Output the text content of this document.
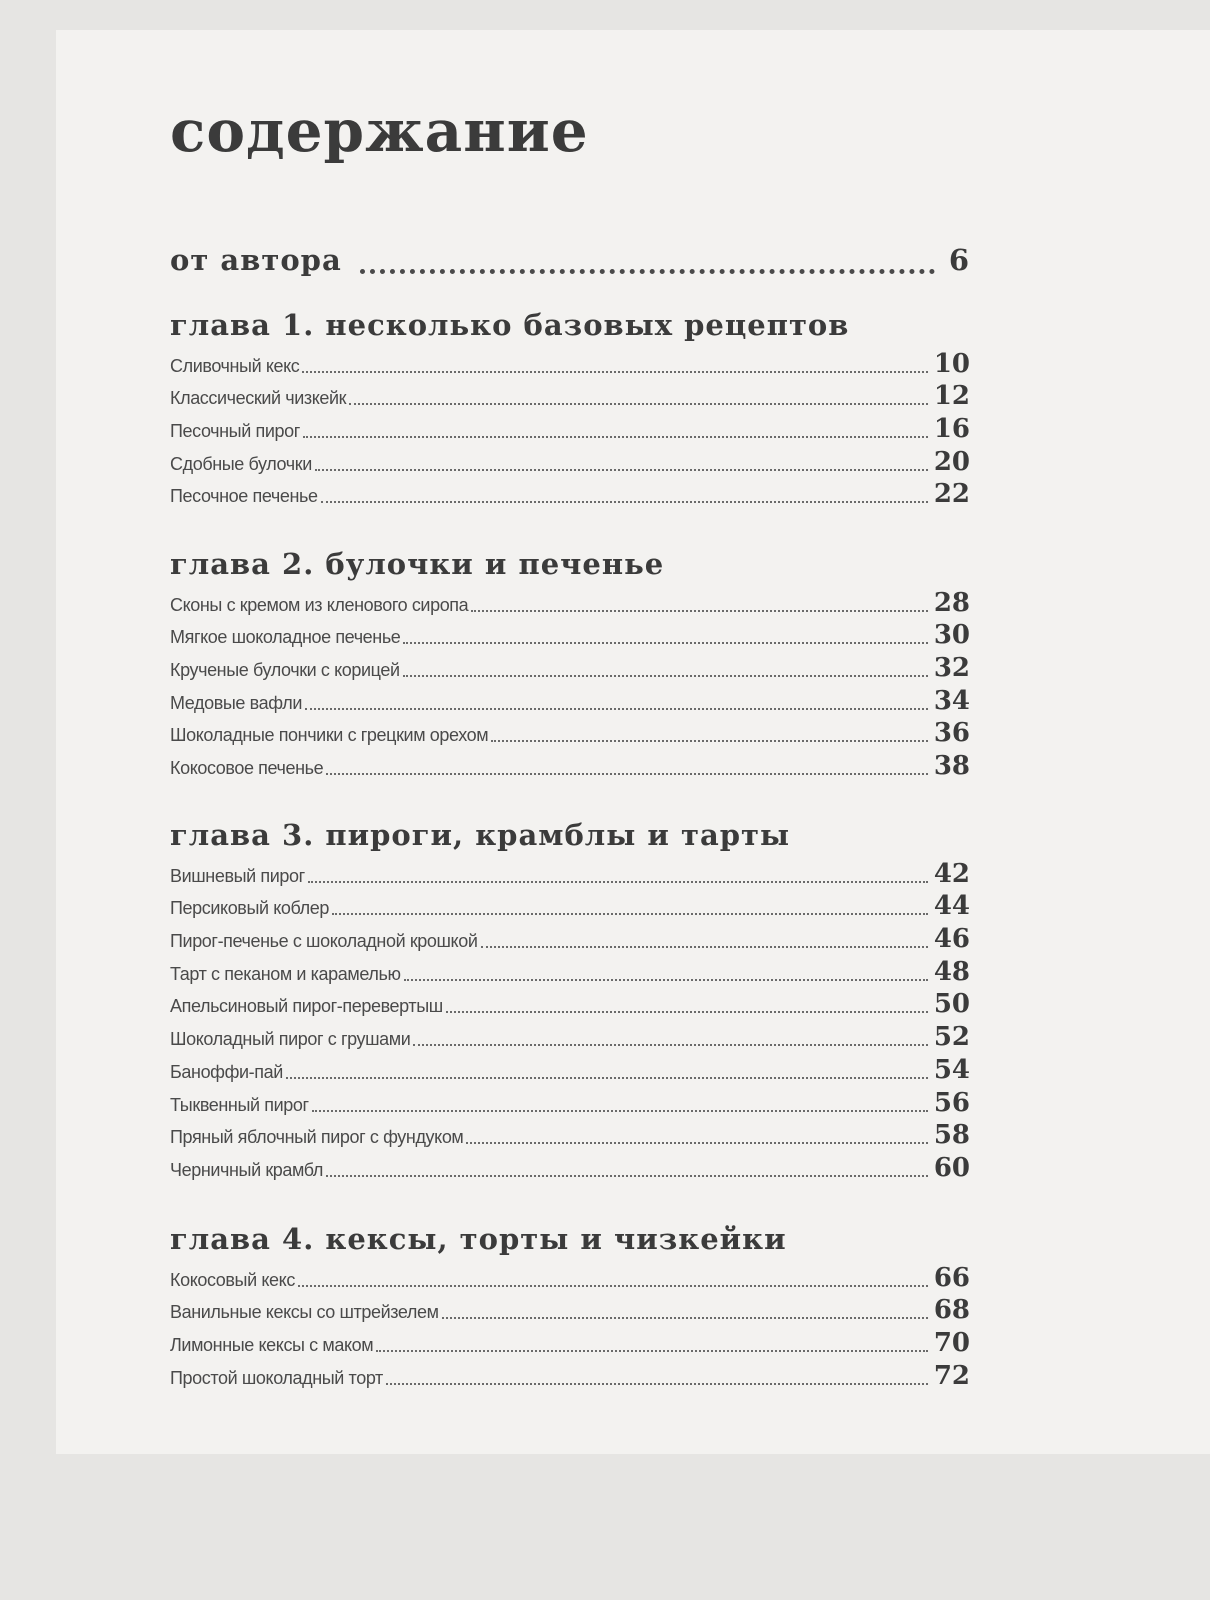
содержание
от автора	6
глава 1. несколько базовых рецептов
Сливочный кекс	10
Классический чизкейк	12
Песочный пирог	16
Сдобные булочки	20
Песочное печенье	22
глава 2. булочки и печенье
Сконы с кремом из кленового сиропа	28
Мягкое шоколадное печенье	30
Крученые булочки с корицей	32
Медовые вафли	34
Шоколадные пончики с грецким орехом	36
Кокосовое печенье	38
глава 3. пироги, крамблы и тарты
Вишневый пирог	42
Персиковый коблер	44
Пирог-печенье с шоколадной крошкой	46
Тарт с пеканом и карамелью	48
Апельсиновый пирог-перевертыш	50
Шоколадный пирог с грушами	52
Баноффи-пай	54
Тыквенный пирог	56
Пряный яблочный пирог с фундуком	58
Черничный крамбл	60
глава 4. кексы, торты и чизкейки
Кокосовый кекс	66
Ванильные кексы со штрейзелем	68
Лимонные кексы с маком	70
Простой шоколадный торт	72
